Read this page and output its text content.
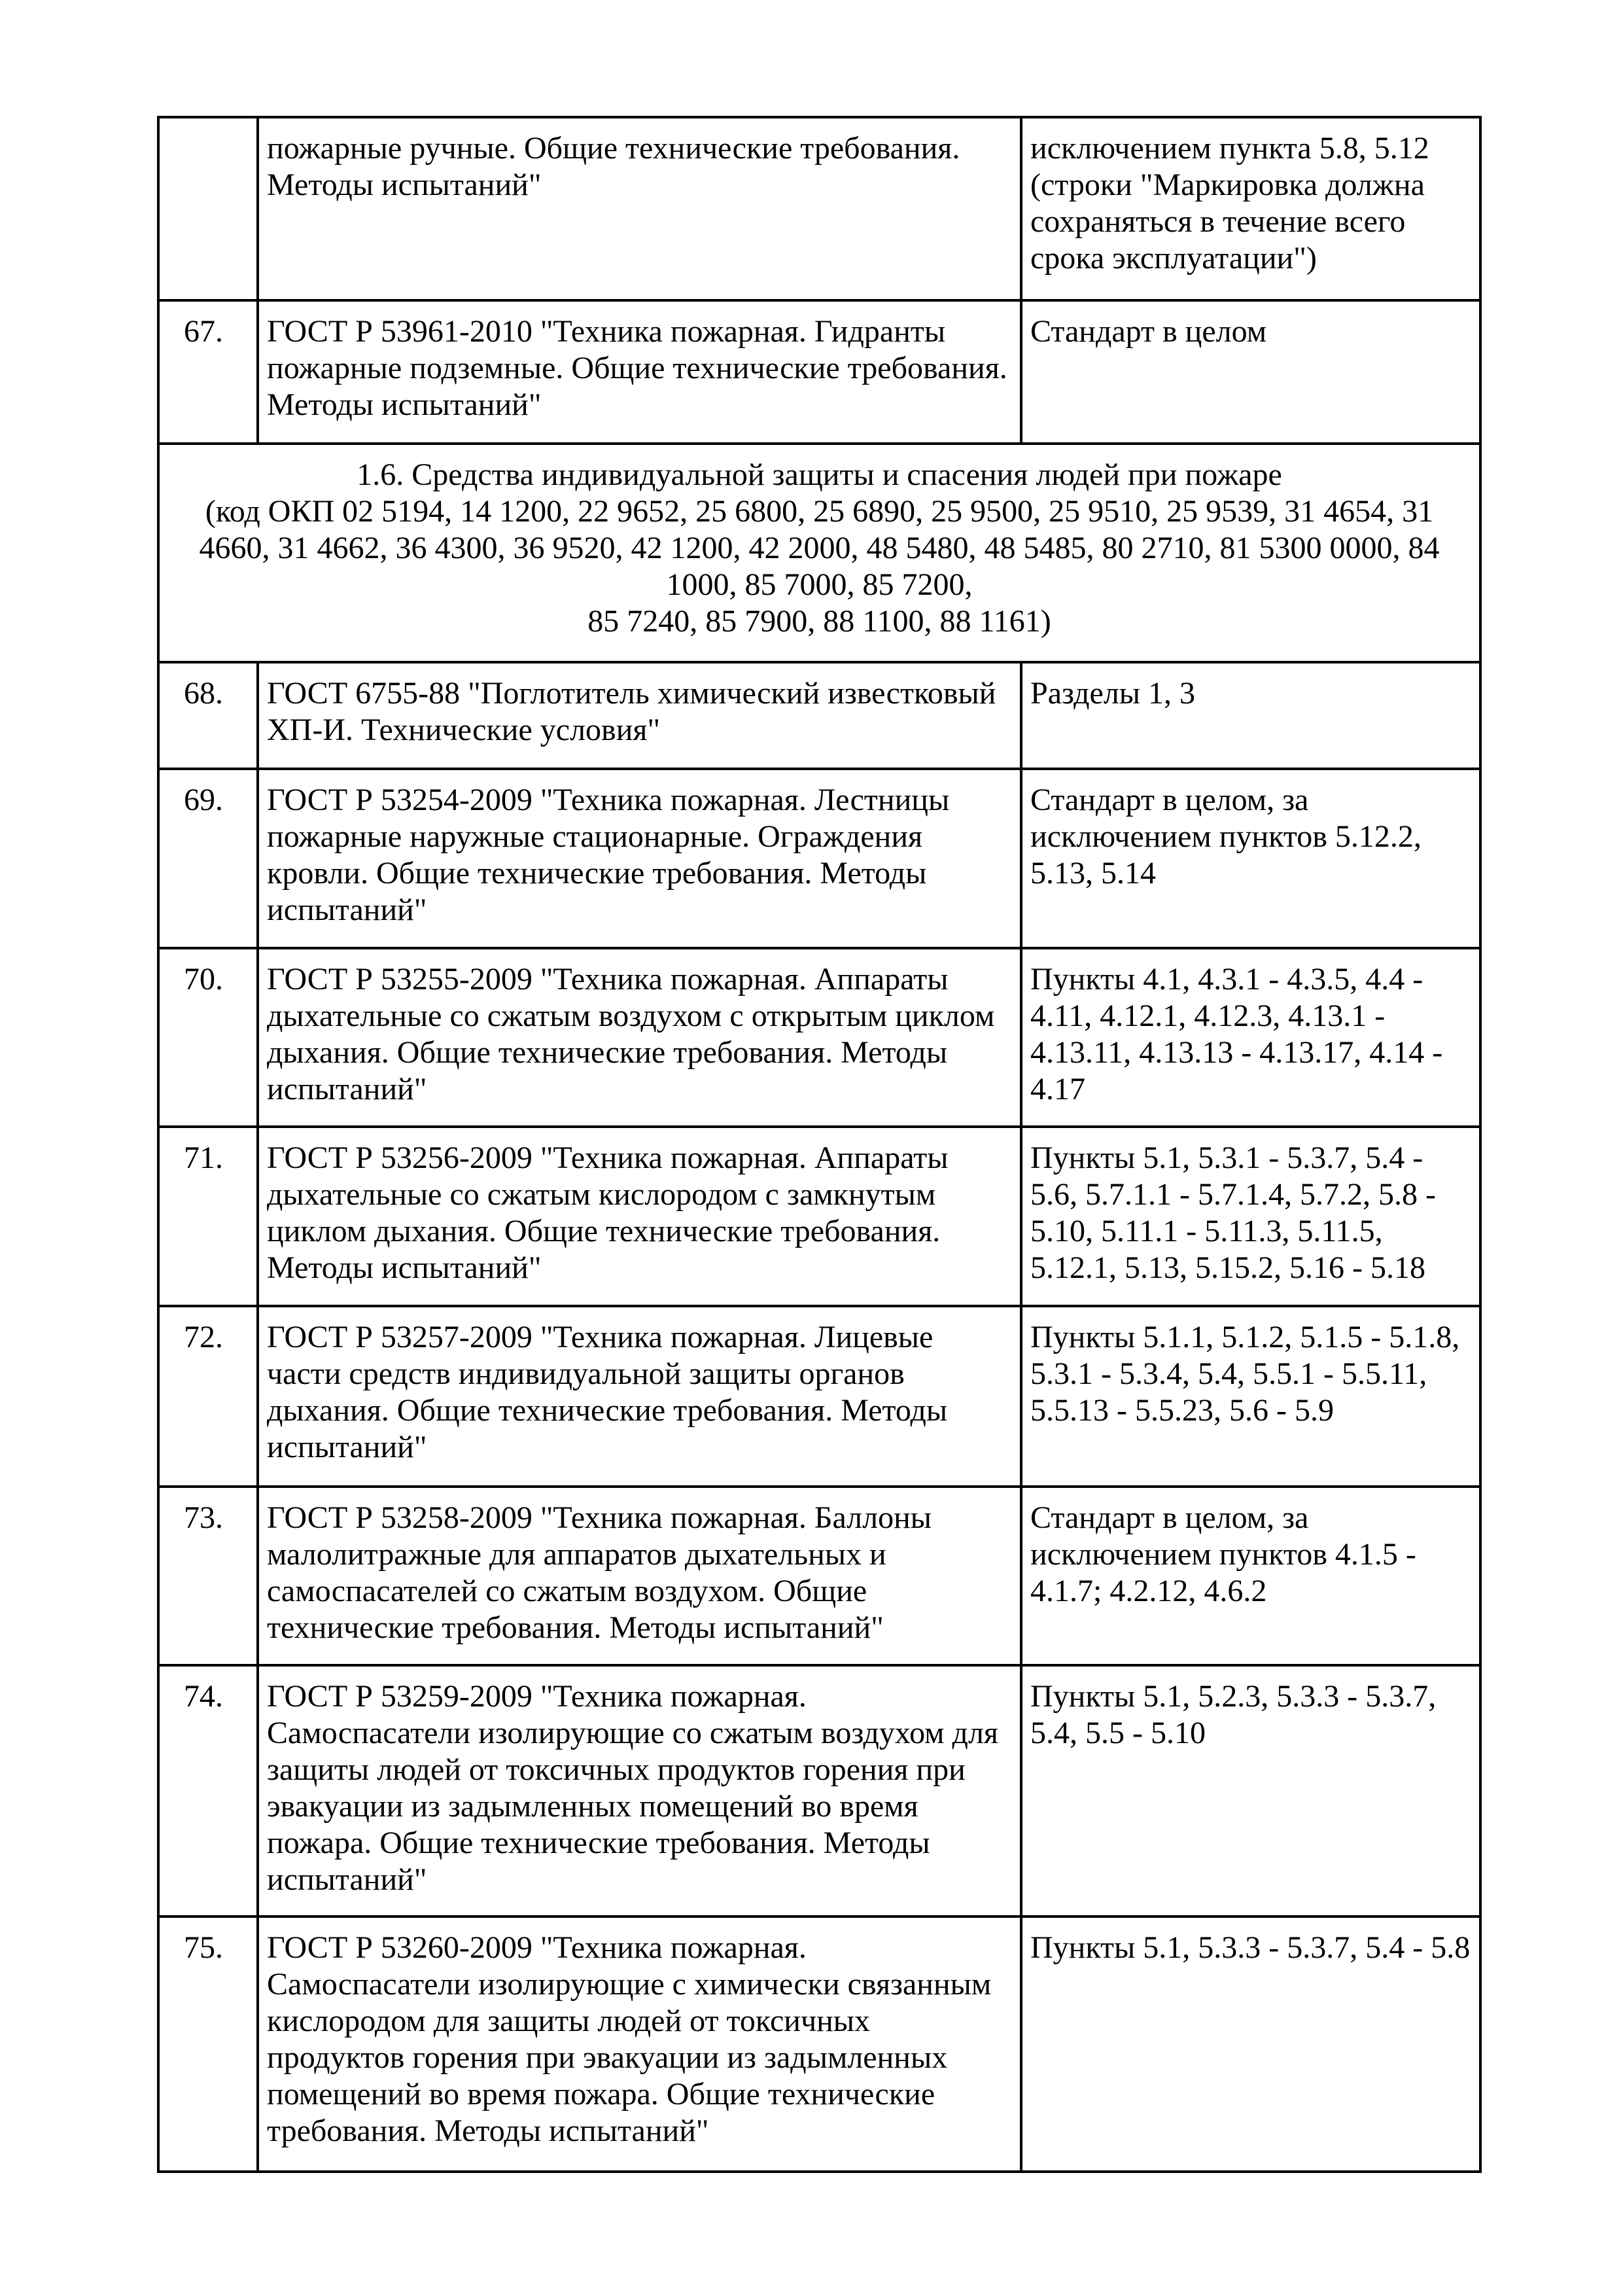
	пожарные ручные. Общие технические требования. Методы испытаний"	исключением пункта 5.8, 5.12 (строки "Маркировка должна сохраняться в течение всего срока эксплуатации")
67.	ГОСТ Р 53961-2010 "Техника пожарная. Гидранты пожарные подземные. Общие технические требования. Методы испытаний"	Стандарт в целом

1.6. Средства индивидуальной защиты и спасения людей при пожаре
(код ОКП 02 5194, 14 1200, 22 9652, 25 6800, 25 6890, 25 9500, 25 9510, 25 9539, 31 4654, 31
4660, 31 4662, 36 4300, 36 9520, 42 1200, 42 2000, 48 5480, 48 5485, 80 2710, 81 5300 0000, 84
1000, 85 7000, 85 7200,
85 7240, 85 7900, 88 1100, 88 1161)		

68.	ГОСТ 6755-88 "Поглотитель химический известковый ХП-И. Технические условия"	Разделы 1, 3
69.	ГОСТ Р 53254-2009 "Техника пожарная. Лестницы пожарные наружные стационарные. Ограждения кровли. Общие технические требования. Методы испытаний"	Стандарт в целом, за исключением пунктов 5.12.2, 5.13, 5.14
70.	ГОСТ Р 53255-2009 "Техника пожарная. Аппараты дыхательные со сжатым воздухом с открытым циклом дыхания. Общие технические требования. Методы испытаний"	Пункты 4.1, 4.3.1 - 4.3.5, 4.4 - 4.11, 4.12.1, 4.12.3, 4.13.1 - 4.13.11, 4.13.13 - 4.13.17, 4.14 - 4.17
71.	ГОСТ Р 53256-2009 "Техника пожарная. Аппараты дыхательные со сжатым кислородом с замкнутым циклом дыхания. Общие технические требования. Методы испытаний"	Пункты 5.1, 5.3.1 - 5.3.7, 5.4 - 5.6, 5.7.1.1 - 5.7.1.4, 5.7.2, 5.8 - 5.10, 5.11.1 - 5.11.3, 5.11.5, 5.12.1, 5.13, 5.15.2, 5.16 - 5.18
72.	ГОСТ Р 53257-2009 "Техника пожарная. Лицевые части средств индивидуальной защиты органов дыхания. Общие технические требования. Методы испытаний"	Пункты 5.1.1, 5.1.2, 5.1.5 - 5.1.8, 5.3.1 - 5.3.4, 5.4, 5.5.1 - 5.5.11, 5.5.13 - 5.5.23, 5.6 - 5.9
73.	ГОСТ Р 53258-2009 "Техника пожарная. Баллоны малолитражные для аппаратов дыхательных и самоспасателей со сжатым воздухом. Общие технические требования. Методы испытаний"	Стандарт в целом, за исключением пунктов 4.1.5 - 4.1.7; 4.2.12, 4.6.2
74.	ГОСТ Р 53259-2009 "Техника пожарная. Самоспасатели изолирующие со сжатым воздухом для защиты людей от токсичных продуктов горения при эвакуации из задымленных помещений во время пожара. Общие технические требования. Методы испытаний"	Пункты 5.1, 5.2.3, 5.3.3 - 5.3.7, 5.4, 5.5 - 5.10
75.	ГОСТ Р 53260-2009 "Техника пожарная. Самоспасатели изолирующие с химически связанным кислородом для защиты людей от токсичных продуктов горения при эвакуации из задымленных помещений во время пожара. Общие технические требования. Методы испытаний"	Пункты 5.1, 5.3.3 - 5.3.7, 5.4 - 5.8
